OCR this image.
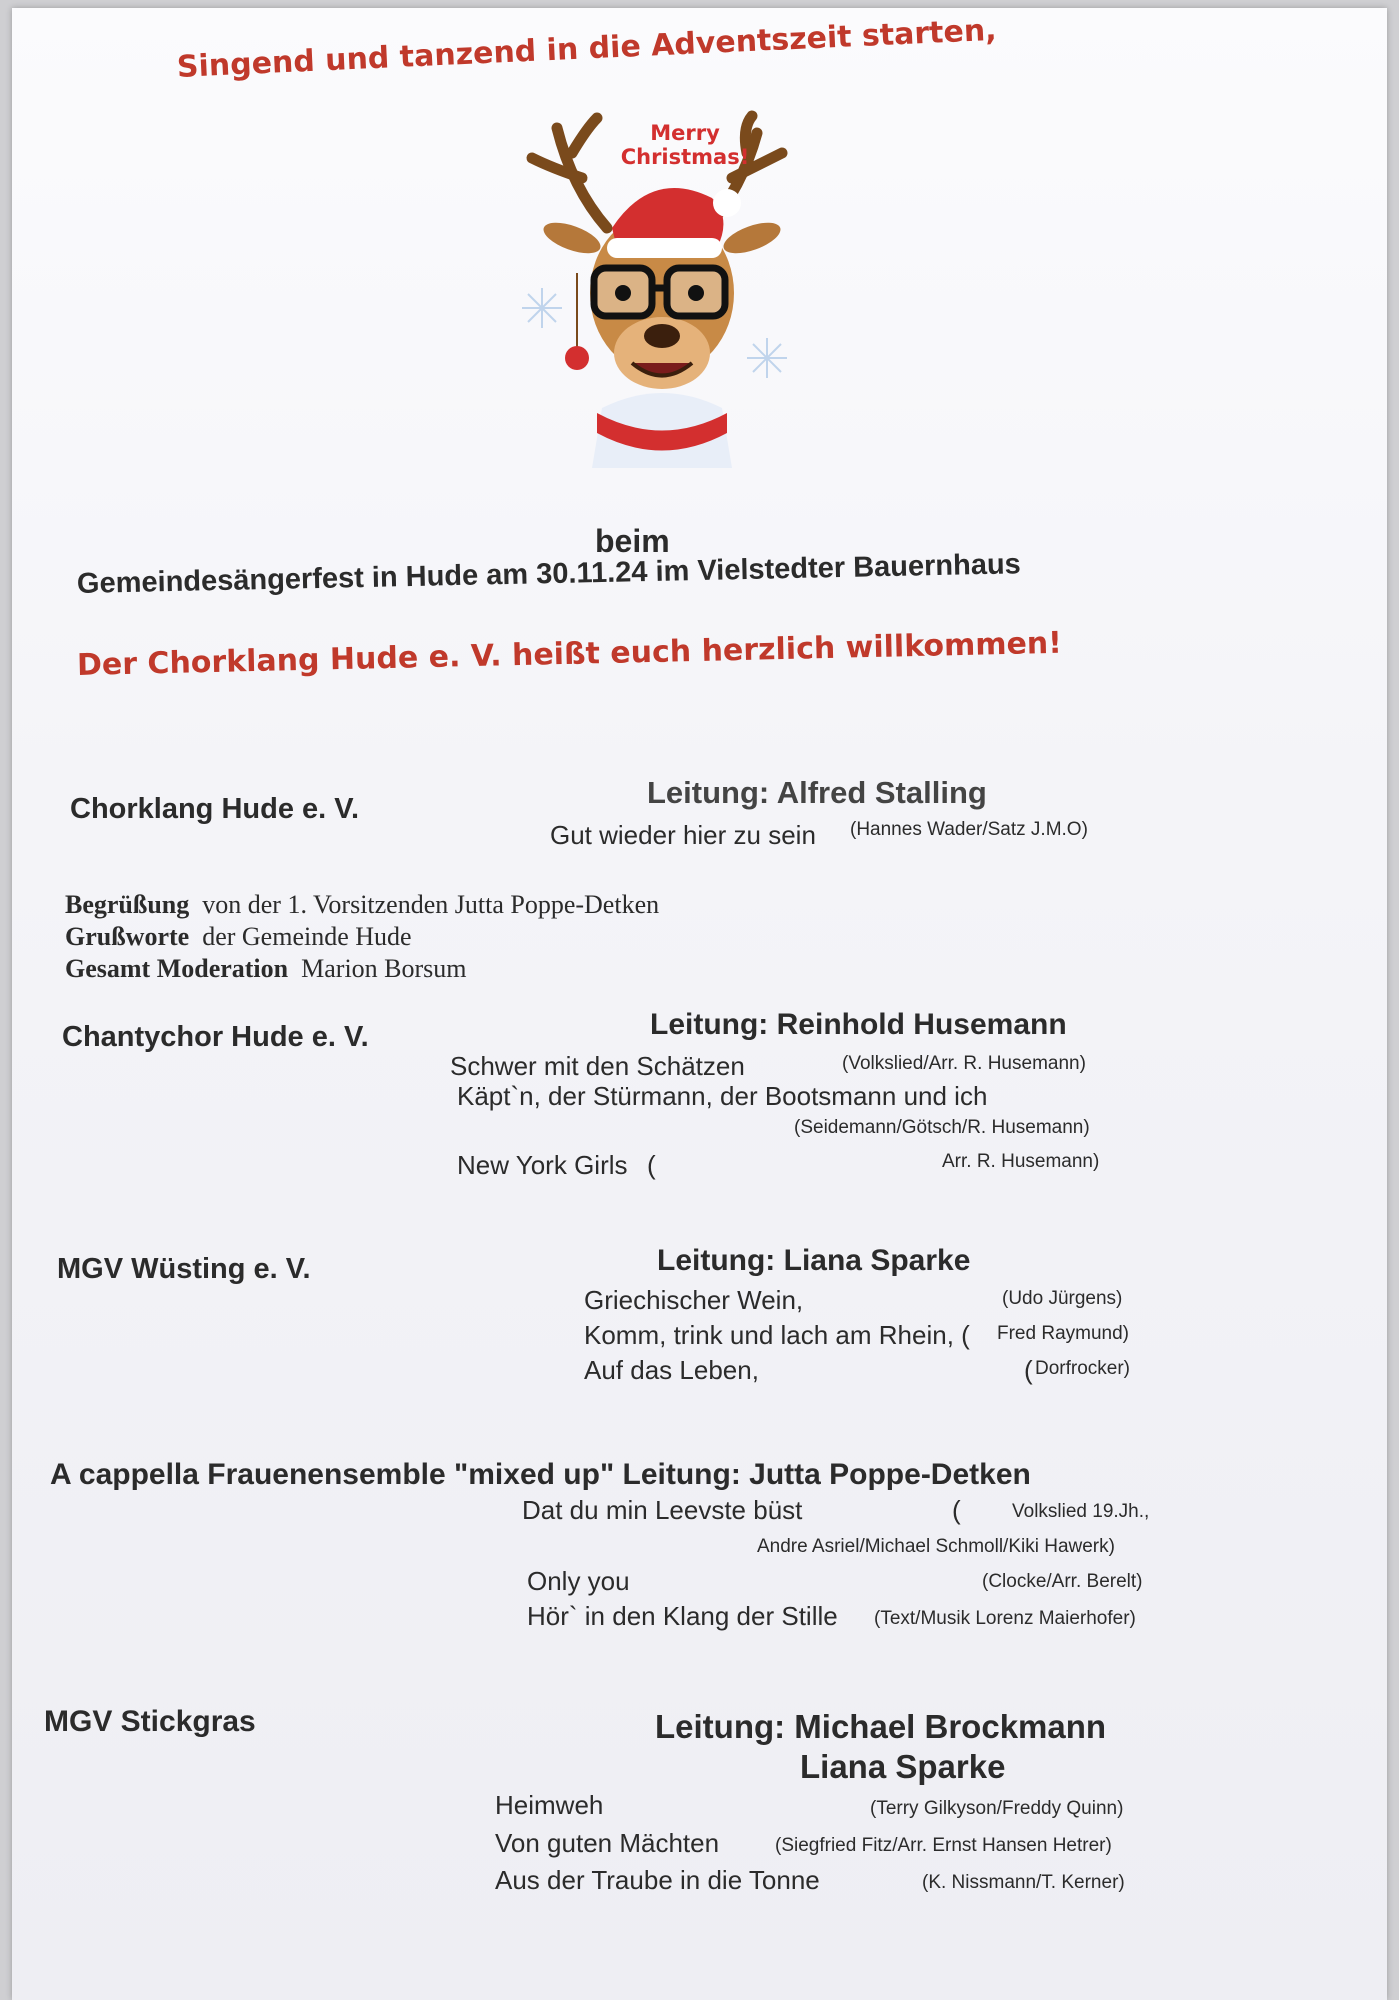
Singend und tanzend in die Adventszeit starten,
Merry
Christmas!
beim
Gemeindesängerfest in Hude am 30.11.24 im Vielstedter Bauernhaus
Der Chorklang Hude e. V. heißt euch herzlich willkommen!
Chorklang Hude e. V.	Leitung: Alfred Stalling
Gut wieder hier zu sein (Hannes Wader/Satz J.M.O)
Begrüßung von der 1. Vorsitzenden Jutta Poppe-Detken
Grußworte der Gemeinde Hude
Gesamt Moderation Marion Borsum
Chantychor Hude e. V.	Leitung: Reinhold Husemann
Schwer mit den Schätzen	(Volkslied/Arr. R. Husemann)
Käpt`n, der Stürmann, der Bootsmann und ich
(Seidemann/Götsch/R. Husemann)
New York Girls (	Arr. R. Husemann)
MGV Wüsting e. V.	Leitung: Liana Sparke
Griechischer Wein,	(Udo Jürgens)
Komm, trink und lach am Rhein, ( Fred Raymund)
Auf das Leben,	( Dorfrocker)
A cappella Frauenensemble "mixed up" Leitung: Jutta Poppe-Detken
Dat du min Leevste büst	(	Volkslied 19.Jh.,
Andre Asriel/Michael Schmoll/Kiki Hawerk)
Only you	(Clocke/Arr. Berelt)
Hör` in den Klang der Stille (Text/Musik Lorenz Maierhofer)
MGV Stickgras	Leitung: Michael Brockmann
Liana Sparke
Heimweh	(Terry Gilkyson/Freddy Quinn)
Von guten Mächten	(Siegfried Fitz/Arr. Ernst Hansen Hetrer)
Aus der Traube in die Tonne	(K. Nissmann/T. Kerner)
